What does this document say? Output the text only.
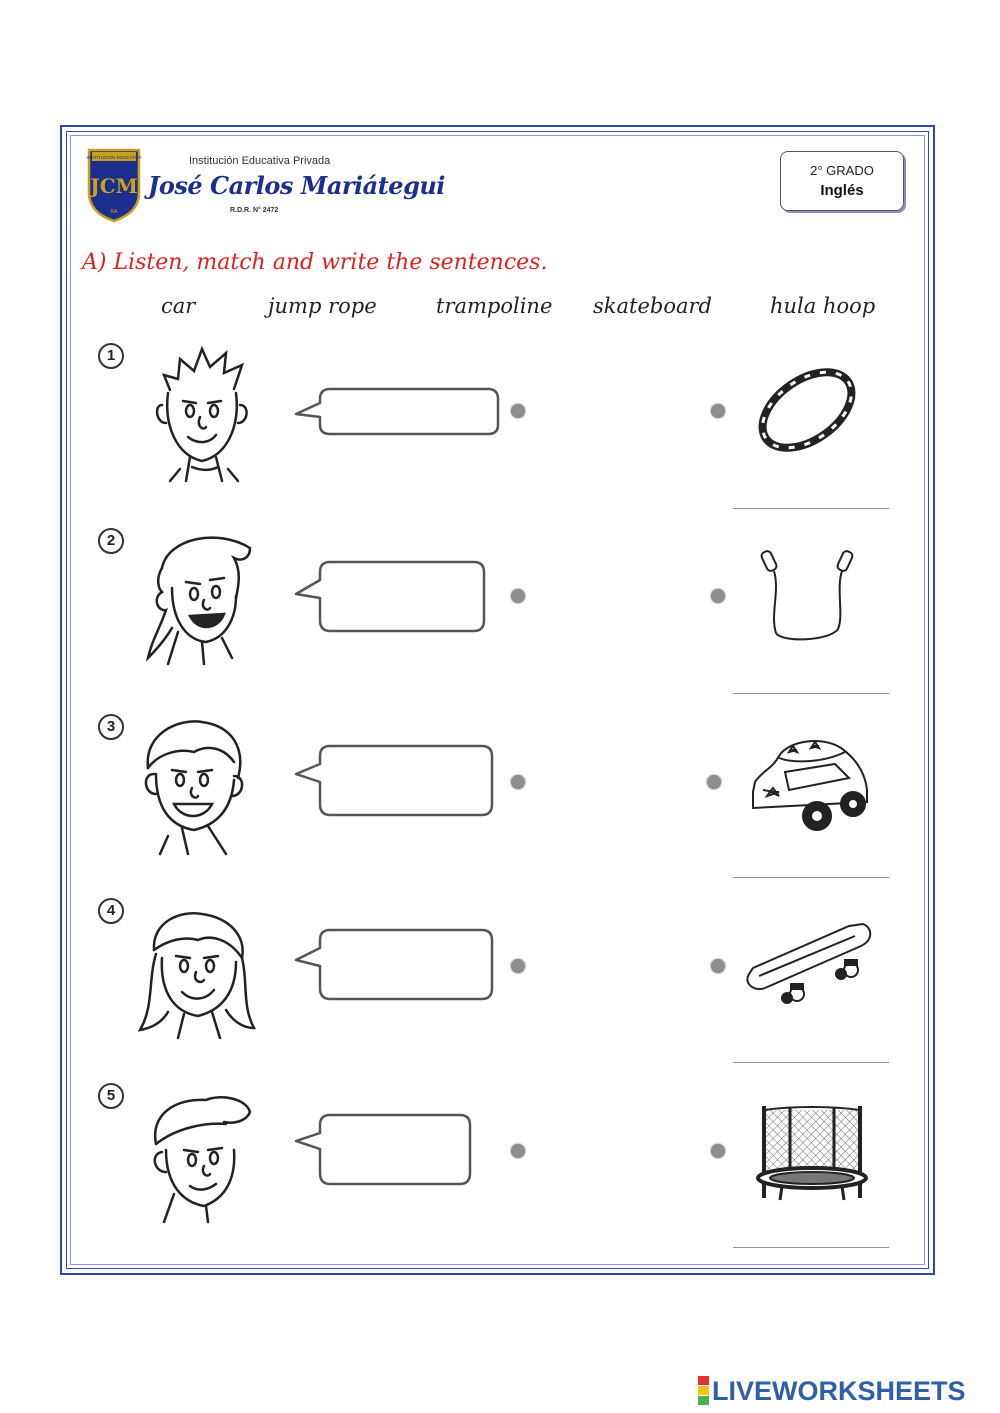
INSTITUCIÓN EDUCATIVA
JCM
RA
Institución Educativa Privada
José Carlos Mariátegui
R.D.R. N° 2472
2° GRADO
Inglés
A) Listen, match and write the sentences.
car	jump rope	trampoline skateboard	hula hoop
1
2
3
4
5
LIVEWORKSHEETS
